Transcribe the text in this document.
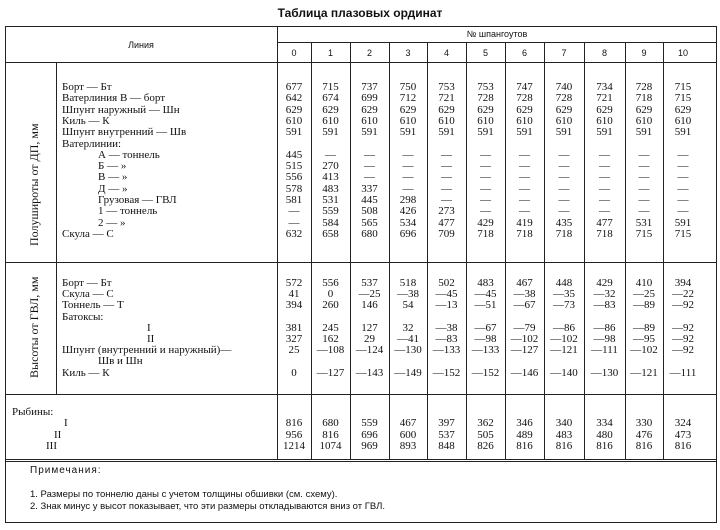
Таблица плазовых ординат
Линия
№ шпангоутов
0	1	2	3	4	5	6	7	8	9	10
Борт — Бт	677	715	737	750	753	753	747	740	734	728	715
Ватерлиния В — борт	642	674	699	712	721	728	728	728	721	718	715
Шпунт наружный — Шн	629	629	629	629	629	629	629	629	629	629	629
Киль — К	610	610	610	610	610	610	610	610	610	610	610
Шпунт внутренний — Шв	591	591	591	591	591	591	591	591	591	591	591
Ватерлинии:
А — тоннель	445	—	—	—	—	—	—	—	—	—	—
Б — »	515	270	—	—	—	—	—	—	—	—	—
В — »	556	413	—	—	—	—	—	—	—	—	—
Д — »	578	483	337	—	—	—	—	—	—	—	—
Грузовая — ГВЛ	581	531	445	298	—	—	—	—	—	—	—
1 — тоннель	—	559	508	426	273	—	—	—	—	—	—
2 — »	—	584	565	534	477	429	419	435	477	531	591
Скула — С	632	658	680	696	709	718	718	718	718	715	715
Борт — Бт	572	556	537	518	502	483	467	448	429	410	394
Скула — С	41	0	—25	—38	—45	—45	—38	—35	—32	—25	—22
Тоннель — Т	394	260	146	54	—13	—51	—67	—73	—83	—89	—92
Батоксы:
I	381	245	127	32	—38	—67	—79	—86	—86	—89	—92
II	327	162	29	—41	—83	—98	—102	—102	—98	—95	—92
Шпунт (внутренний и наружный)—	25	—108	—124	—130	—133	—133	—127	—121	—111	—102	—92
Шв и Шн
Киль — К	0	—127	—143	—149	—152	—152	—146	—140	—130	—121	—111
Полуширoты от ДП, мм
Высоты от ГВЛ, мм
Рыбины:
I	816	680	559	467	397	362	346	340	334	330	324
II	956	816	696	600	537	505	489	483	480	476	473
III	1214	1074	969	893	848	826	816	816	816	816	816
Примечания:
1. Размеры по тоннелю даны с учетом толщины обшивки (см. схему).
2. Знак минус у высот показывает, что эти размеры откладываются вниз от ГВЛ.
